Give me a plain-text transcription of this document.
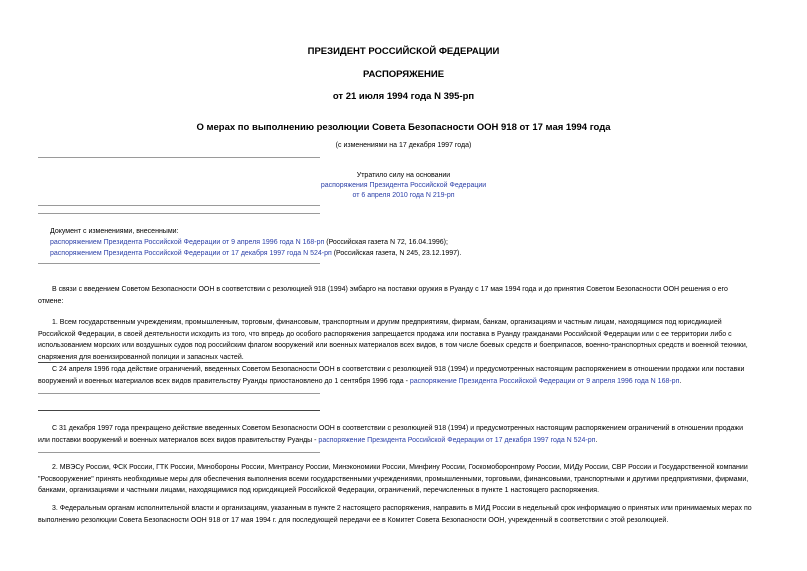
ПРЕЗИДЕНТ РОССИЙСКОЙ ФЕДЕРАЦИИ
РАСПОРЯЖЕНИЕ
от 21 июля 1994 года N 395-рп
О мерах по выполнению резолюции Совета Безопасности ООН 918 от 17 мая 1994 года
(с изменениями на 17 декабря 1997 года)
Утратило силу на основании
распоряжения Президента Российской Федерации
от 6 апреля 2010 года N 219-рп
Документ с изменениями, внесенными:
распоряжением Президента Российской Федерации от 9 апреля 1996 года N 168-рп (Российская газета N 72, 16.04.1996);
распоряжением Президента Российской Федерации от 17 декабря 1997 года N 524-рп (Российская газета, N 245, 23.12.1997).
В связи с введением Советом Безопасности ООН в соответствии с резолюцией 918 (1994) эмбарго на поставки оружия в Руанду с 17 мая 1994 года и до принятия Советом Безопасности ООН решения о его
отмене:
1. Всем государственным учреждениям, промышленным, торговым, финансовым, транспортным и другим предприятиям, фирмам, банкам, организациям и частным лицам, находящимся под юрисдикцией
Российской Федерации, в своей деятельности исходить из того, что впредь до особого распоряжения запрещается продажа или поставка в Руанду гражданами Российской Федерации или с ее территории либо с
использованием морских или воздушных судов под российским флагом вооружений или военных материалов всех видов, в том числе боевых средств и боеприпасов, военно-транспортных средств и военной техники,
снаряжения для военизированной полиции и запасных частей.
С 24 апреля 1996 года действие ограничений, введенных Советом Безопасности ООН в соответствии с резолюцией 918 (1994) и предусмотренных настоящим распоряжением в отношении продажи или поставки
вооружений и военных материалов всех видов правительству Руанды приостановлено до 1 сентября 1996 года - распоряжение Президента Российской Федерации от 9 апреля 1996 года N 168-рп.
С 31 декабря 1997 года прекращено действие введенных Советом Безопасности ООН в соответствии с резолюцией 918 (1994) и предусмотренных настоящим распоряжением ограничений в отношении продажи
или поставки вооружений и военных материалов всех видов правительству Руанды - распоряжение Президента Российской Федерации от 17 декабря 1997 года N 524-рп.
2. МВЭСу России, ФСК России, ГТК России, Минобороны России, Минтрансу России, Минэкономики России, Минфину России, Госкомоборонпрому России, МИДу России, СВР России и Государственной компании
"Росвооружение" принять необходимые меры для обеспечения выполнения всеми государственными учреждениями, промышленными, торговыми, финансовыми, транспортными и другими предприятиями, фирмами,
банками, организациями и частными лицами, находящимися под юрисдикцией Российской Федерации, ограничений, перечисленных в пункте 1 настоящего распоряжения.
3. Федеральным органам исполнительной власти и организациям, указанным в пункте 2 настоящего распоряжения, направить в МИД России в недельный срок информацию о принятых или принимаемых мерах по
выполнению резолюции Совета Безопасности ООН 918 от 17 мая 1994 г. для последующей передачи ее в Комитет Совета Безопасности ООН, учрежденный в соответствии с этой резолюцией.
